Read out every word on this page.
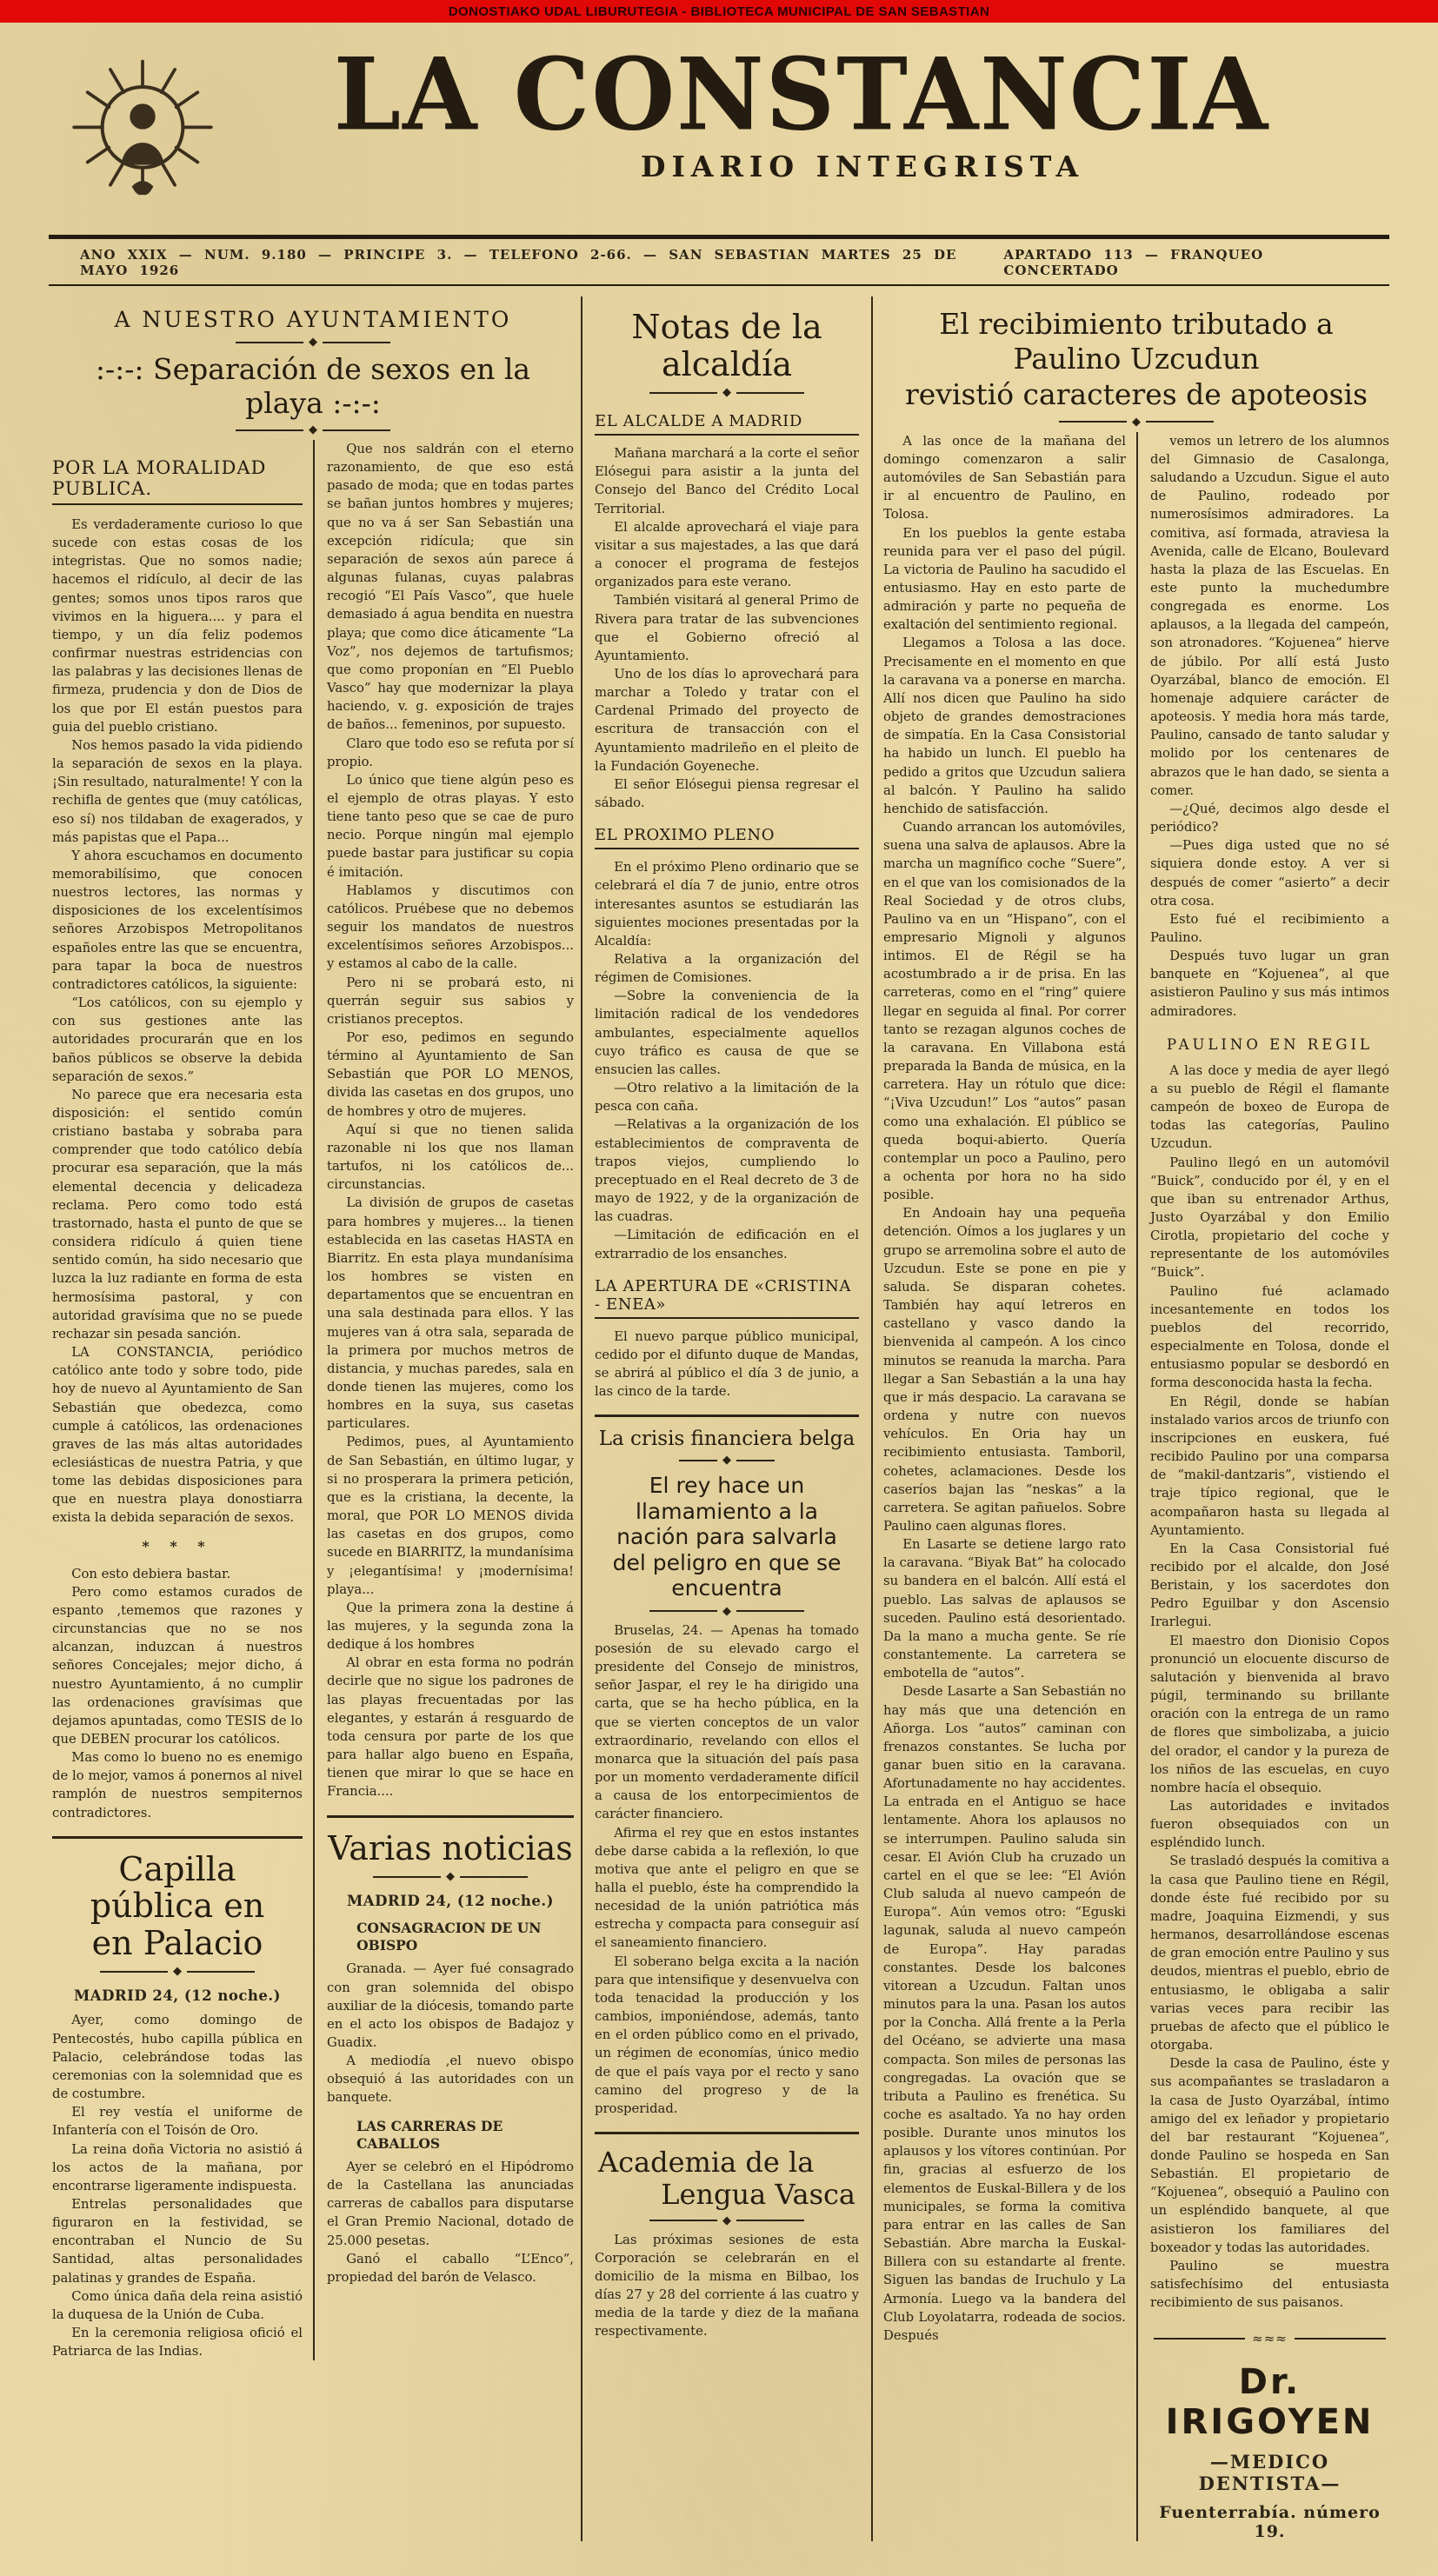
DONOSTIAKO UDAL LIBURUTEGIA - BIBLIOTECA MUNICIPAL DE SAN SEBASTIAN
LA CONSTANCIA
DIARIO INTEGRISTA
ANO XXIX — NUM. 9.180 — PRINCIPE 3. — TELEFONO 2-66. — SAN SEBASTIAN MARTES 25 DE MAYO 1926
APARTADO 113 — FRANQUEO CONCERTADO
A NUESTRO AYUNTAMIENTO
◆
:-:-: Separación de sexos en la playa :-:-:
◆
POR LA MORALIDAD PUBLICA.

Es verdaderamente curioso lo que sucede con estas cosas de los integristas. Que no somos nadie; hacemos el ridículo, al decir de las gentes; somos unos tipos raros que vivimos en la higuera.... y para el tiempo, y un día feliz podemos confirmar nuestras estridencias con las palabras y las decisiones llenas de firmeza, prudencia y don de Dios de los que por El están puestos para guia del pueblo cristiano.

Nos hemos pasado la vida pidiendo la separación de sexos en la playa. ¡Sin resultado, naturalmente! Y con la rechifla de gentes que (muy católicas, eso sí) nos tildaban de exagerados, y más papistas que el Papa...

Y ahora escuchamos en documento memorabilísimo, que conocen nuestros lectores, las normas y disposiciones de los excelentísimos señores Arzobispos Metropolitanos españoles entre las que se encuentra, para tapar la boca de nuestros contradictores católicos, la siguiente:

“Los católicos, con su ejemplo y con sus gestiones ante las autoridades procurarán que en los baños públicos se observe la debida separación de sexos.”

No parece que era necesaria esta disposición: el sentido común cristiano bastaba y sobraba para comprender que todo católico debía procurar esa separación, que la más elemental decencia y delicadeza reclama. Pero como todo está trastornado, hasta el punto de que se considera ridículo á quien tiene sentido común, ha sido necesario que luzca la luz radiante en forma de esta hermosísima pastoral, y con autoridad gravísima que no se puede rechazar sin pesada sanción.

LA CONSTANCIA, periódico católico ante todo y sobre todo, pide hoy de nuevo al Ayuntamiento de San Sebastián que obedezca, como cumple á católicos, las ordenaciones graves de las más altas autoridades eclesiásticas de nuestra Patria, y que tome las debidas disposiciones para que en nuestra playa donostiarra exista la debida separación de sexos.

* * *

Con esto debiera bastar.

Pero como estamos curados de espanto ,tememos que razones y circunstancias que no se nos alcanzan, induzcan á nuestros señores Concejales; mejor dicho, á nuestro Ayuntamiento, á no cumplir las ordenaciones gravísimas que dejamos apuntadas, como TESIS de lo que DEBEN procurar los católicos.

Mas como lo bueno no es enemigo de lo mejor, vamos á ponernos al nivel ramplón de nuestros sempiternos contradictores.

Capilla pública en
en Palacio
◆
MADRID 24, (12 noche.)

Ayer, como domingo de Pentecostés, hubo capilla pública en Palacio, celebrándose todas las ceremonias con la solemnidad que es de costumbre.

El rey vestía el uniforme de Infantería con el Toisón de Oro.

La reina doña Victoria no asistió á los actos de la mañana, por encontrarse ligeramente indispuesta.

Entrelas personalidades que figuraron en la festividad, se encontraban el Nuncio de Su Santidad, altas personalidades palatinas y grandes de España.

Como única daña dela reina asistió la duquesa de la Unión de Cuba.

En la ceremonia religiosa ofició el Patriarca de las Indias.

Que nos saldrán con el eterno razonamiento, de que eso está pasado de moda; que en todas partes se bañan juntos hombres y mujeres; que no va á ser San Sebastián una excepción ridícula; que sin separación de sexos aún parece á algunas fulanas, cuyas palabras recogió “El País Vasco”, que huele demasiado á agua bendita en nuestra playa; que como dice áticamente “La Voz”, nos dejemos de tartufismos; que como proponían en “El Pueblo Vasco” hay que modernizar la playa haciendo, v. g. exposición de trajes de baños... femeninos, por supuesto.

Claro que todo eso se refuta por sí propio.

Lo único que tiene algún peso es el ejemplo de otras playas. Y esto tiene tanto peso que se cae de puro necio. Porque ningún mal ejemplo puede bastar para justificar su copia é imitación.

Hablamos y discutimos con católicos. Pruébese que no debemos seguir los mandatos de nuestros excelentísimos señores Arzobispos... y estamos al cabo de la calle.

Pero ni se probará esto, ni querrán seguir sus sabios y cristianos preceptos.

Por eso, pedimos en segundo término al Ayuntamiento de San Sebastián que POR LO MENOS, divida las casetas en dos grupos, uno de hombres y otro de mujeres.

Aquí si que no tienen salida razonable ni los que nos llaman tartufos, ni los católicos de... circunstancias.

La división de grupos de casetas para hombres y mujeres... la tienen establecida en las casetas HASTA en Biarritz. En esta playa mundanísima los hombres se visten en departamentos que se encuentran en una sala destinada para ellos. Y las mujeres van á otra sala, separada de la primera por muchos metros de distancia, y muchas paredes, sala en donde tienen las mujeres, como los hombres en la suya, sus casetas particulares.

Pedimos, pues, al Ayuntamiento de San Sebastián, en último lugar, y si no prosperara la primera petición, que es la cristiana, la decente, la moral, que POR LO MENOS divida las casetas en dos grupos, como sucede en BIARRITZ, la mundanísima y ¡elegantísima! y ¡modernísima! playa...

Que la primera zona la destine á las mujeres, y la segunda zona la dedique á los hombres

Al obrar en esta forma no podrán decirle que no sigue los padrones de las playas frecuentadas por las elegantes, y estarán á resguardo de toda censura por parte de los que para hallar algo bueno en España, tienen que mirar lo que se hace en Francia....

Varias noticias
◆
MADRID 24, (12 noche.)
CONSAGRACION DE UN OBISPO

Granada. — Ayer fué consagrado con gran solemnida del obispo auxiliar de la diócesis, tomando parte en el acto los obispos de Badajoz y Guadix.

A mediodía ,el nuevo obispo obsequió á las autoridades con un banquete.

LAS CARRERAS DE CABALLOS

Ayer se celebró en el Hipódromo de la Castellana las anunciadas carreras de caballos para disputarse el Gran Premio Nacional, dotado de 25.000 pesetas.

Ganó el caballo “L’Enco”, propiedad del barón de Velasco.

Notas de la alcaldía
◆
EL ALCALDE A MADRID

Mañana marchará a la corte el señor Elósegui para asistir a la junta del Consejo del Banco del Crédito Local Territorial.

El alcalde aprovechará el viaje para visitar a sus majestades, a las que dará a conocer el programa de festejos organizados para este verano.

También visitará al general Primo de Rivera para tratar de las subvenciones que el Gobierno ofreció al Ayuntamiento.

Uno de los días lo aprovechará para marchar a Toledo y tratar con el Cardenal Primado del proyecto de escritura de transacción con el Ayuntamiento madrileño en el pleito de la Fundación Goyeneche.

El señor Elósegui piensa regresar el sábado.

EL PROXIMO PLENO

En el próximo Pleno ordinario que se celebrará el día 7 de junio, entre otros interesantes asuntos se estudiarán las siguientes mociones presentadas por la Alcaldía:

Relativa a la organización del régimen de Comisiones.

—Sobre la conveniencia de la limitación radical de los vendedores ambulantes, especialmente aquellos cuyo tráfico es causa de que se ensucien las calles.

—Otro relativo a la limitación de la pesca con caña.

—Relativas a la organización de los establecimientos de compraventa de trapos viejos, cumpliendo lo preceptuado en el Real decreto de 3 de mayo de 1922, y de la organización de las cuadras.

—Limitación de edificación en el extrarradio de los ensanches.

LA APERTURA DE «CRISTINA - ENEA»

El nuevo parque público municipal, cedido por el difunto duque de Mandas, se abrirá al público el día 3 de junio, a las cinco de la tarde.

La crisis financiera belga
◆
El rey hace un llamamiento a la nación para salvarla del peligro en que se encuentra
◆

Bruselas, 24. — Apenas ha tomado posesión de su elevado cargo el presidente del Consejo de ministros, señor Jaspar, el rey le ha dirigido una carta, que se ha hecho pública, en la que se vierten conceptos de un valor extraordinario, revelando con ellos el monarca que la situación del país pasa por un momento verdaderamente difícil a causa de los entorpecimientos de carácter financiero.

Afirma el rey que en estos instantes debe darse cabida a la reflexión, lo que motiva que ante el peligro en que se halla el pueblo, éste ha comprendido la necesidad de la unión patriótica más estrecha y compacta para conseguir así el saneamiento financiero.

El soberano belga excita a la nación para que intensifique y desenvuelva con toda tenacidad la producción y los cambios, imponiéndose, además, tanto en el orden público como en el privado, un régimen de economías, único medio de que el país vaya por el recto y sano camino del progreso y de la prosperidad.

Academia de la
Lengua Vasca
◆

Las próximas sesiones de esta Corporación se celebrarán en el domicilio de la misma en Bilbao, los días 27 y 28 del corriente á las cuatro y media de la tarde y diez de la mañana respectivamente.

El recibimiento tributado a Paulino Uzcudun
revistió caracteres de apoteosis
◆

A las once de la mañana del domingo comenzaron a salir automóviles de San Sebastián para ir al encuentro de Paulino, en Tolosa.

En los pueblos la gente estaba reunida para ver el paso del púgil. La victoria de Paulino ha sacudido el entusiasmo. Hay en esto parte de admiración y parte no pequeña de exaltación del sentimiento regional.

Llegamos a Tolosa a las doce. Precisamente en el momento en que la caravana va a ponerse en marcha. Allí nos dicen que Paulino ha sido objeto de grandes demostraciones de simpatía. En la Casa Consistorial ha habido un lunch. El pueblo ha pedido a gritos que Uzcudun saliera al balcón. Y Paulino ha salido henchido de satisfacción.

Cuando arrancan los automóviles, suena una salva de aplausos. Abre la marcha un magnífico coche “Suere”, en el que van los comisionados de la Real Sociedad y de otros clubs, Paulino va en un “Hispano”, con el empresario Mignoli y algunos intimos. El de Régil se ha acostumbrado a ir de prisa. En las carreteras, como en el “ring” quiere llegar en seguida al final. Por correr tanto se rezagan algunos coches de la caravana. En Villabona está preparada la Banda de música, en la carretera. Hay un rótulo que dice: “¡Viva Uzcudun!” Los “autos” pasan como una exhalación. El público se queda boqui-abierto. Quería contemplar un poco a Paulino, pero a ochenta por hora no ha sido posible.

En Andoain hay una pequeña detención. Oímos a los juglares y un grupo se arremolina sobre el auto de Uzcudun. Este se pone en pie y saluda. Se disparan cohetes. También hay aquí letreros en castellano y vasco dando la bienvenida al campeón. A los cinco minutos se reanuda la marcha. Para llegar a San Sebastián a la una hay que ir más despacio. La caravana se ordena y nutre con nuevos vehículos. En Oria hay un recibimiento entusiasta. Tamboril, cohetes, aclamaciones. Desde los caseríos bajan las “neskas” a la carretera. Se agitan pañuelos. Sobre Paulino caen algunas flores.

En Lasarte se detiene largo rato la caravana. “Biyak Bat” ha colocado su bandera en el balcón. Allí está el pueblo. Las salvas de aplausos se suceden. Paulino está desorientado. Da la mano a mucha gente. Se ríe constantemente. La carretera se embotella de “autos”.

Desde Lasarte a San Sebastián no hay más que una detención en Añorga. Los “autos” caminan con frenazos constantes. Se lucha por ganar buen sitio en la caravana. Afortunadamente no hay accidentes. La entrada en el Antiguo se hace lentamente. Ahora los aplausos no se interrumpen. Paulino saluda sin cesar. El Avión Club ha cruzado un cartel en el que se lee: “El Avión Club saluda al nuevo campeón de Europa”. Aún vemos otro: “Eguski lagunak, saluda al nuevo campeón de Europa”. Hay paradas constantes. Desde los balcones vitorean a Uzcudun. Faltan unos minutos para la una. Pasan los autos por la Concha. Allá frente a la Perla del Océano, se advierte una masa compacta. Son miles de personas las congregadas. La ovación que se tributa a Paulino es frenética. Su coche es asaltado. Ya no hay orden posible. Durante unos minutos los aplausos y los vítores continúan. Por fin, gracias al esfuerzo de los elementos de Euskal-Billera y de los municipales, se forma la comitiva para entrar en las calles de San Sebastián. Abre marcha la Euskal-Billera con su estandarte al frente. Siguen las bandas de Iruchulo y La Armonía. Luego va la bandera del Club Loyolatarra, rodeada de socios. Después

vemos un letrero de los alumnos del Gimnasio de Casalonga, saludando a Uzcudun. Sigue el auto de Paulino, rodeado por numerosísimos admiradores. La comitiva, así formada, atraviesa la Avenida, calle de Elcano, Boulevard hasta la plaza de las Escuelas. En este punto la muchedumbre congregada es enorme. Los aplausos, a la llegada del campeón, son atronadores. “Kojuenea” hierve de júbilo. Por allí está Justo Oyarzábal, blanco de emoción. El homenaje adquiere carácter de apoteosis. Y media hora más tarde, Paulino, cansado de tanto saludar y molido por los centenares de abrazos que le han dado, se sienta a comer.

—¿Qué, decimos algo desde el periódico?

—Pues diga usted que no sé siquiera donde estoy. A ver si después de comer “asierto” a decir otra cosa.

Esto fué el recibimiento a Paulino.

Después tuvo lugar un gran banquete en “Kojuenea”, al que asistieron Paulino y sus más intimos admiradores.

PAULINO EN REGIL

A las doce y media de ayer llegó a su pueblo de Régil el flamante campeón de boxeo de Europa de todas las categorías, Paulino Uzcudun.

Paulino llegó en un automóvil “Buick”, conducido por él, y en el que iban su entrenador Arthus, Justo Oyarzábal y don Emilio Cirotla, propietario del coche y representante de los automóviles “Buick”.

Paulino fué aclamado incesantemente en todos los pueblos del recorrido, especialmente en Tolosa, donde el entusiasmo popular se desbordó en forma desconocida hasta la fecha.

En Régil, donde se habían instalado varios arcos de triunfo con inscripciones en euskera, fué recibido Paulino por una comparsa de “makil-dantzaris”, vistiendo el traje típico regional, que le acompañaron hasta su llegada al Ayuntamiento.

En la Casa Consistorial fué recibido por el alcalde, don José Beristain, y los sacerdotes don Pedro Eguilbar y don Ascensio Irarlegui.

El maestro don Dionisio Copos pronunció un elocuente discurso de salutación y bienvenida al bravo púgil, terminando su brillante oración con la entrega de un ramo de flores que simbolizaba, a juicio del orador, el candor y la pureza de los niños de las escuelas, en cuyo nombre hacía el obsequio.

Las autoridades e invitados fueron obsequiados con un espléndido lunch.

Se trasladó después la comitiva a la casa que Paulino tiene en Régil, donde éste fué recibido por su madre, Joaquina Eizmendi, y sus hermanos, desarrollándose escenas de gran emoción entre Paulino y sus deudos, mientras el pueblo, ebrio de entusiasmo, le obligaba a salir varias veces para recibir las pruebas de afecto que el público le otorgaba.

Desde la casa de Paulino, éste y sus acompañantes se trasladaron a la casa de Justo Oyarzábal, íntimo amigo del ex leñador y propietario del bar restaurant “Kojuenea”, donde Paulino se hospeda en San Sebastián. El propietario de “Kojuenea”, obsequió a Paulino con un espléndido banquete, al que asistieron los familiares del boxeador y todas las autoridades.

Paulino se muestra satisfechísimo del entusiasta recibimiento de sus paisanos.

≈≈≈
Dr. IRIGOYEN
—MEDICO DENTISTA—
Fuenterrabía. número 19.
